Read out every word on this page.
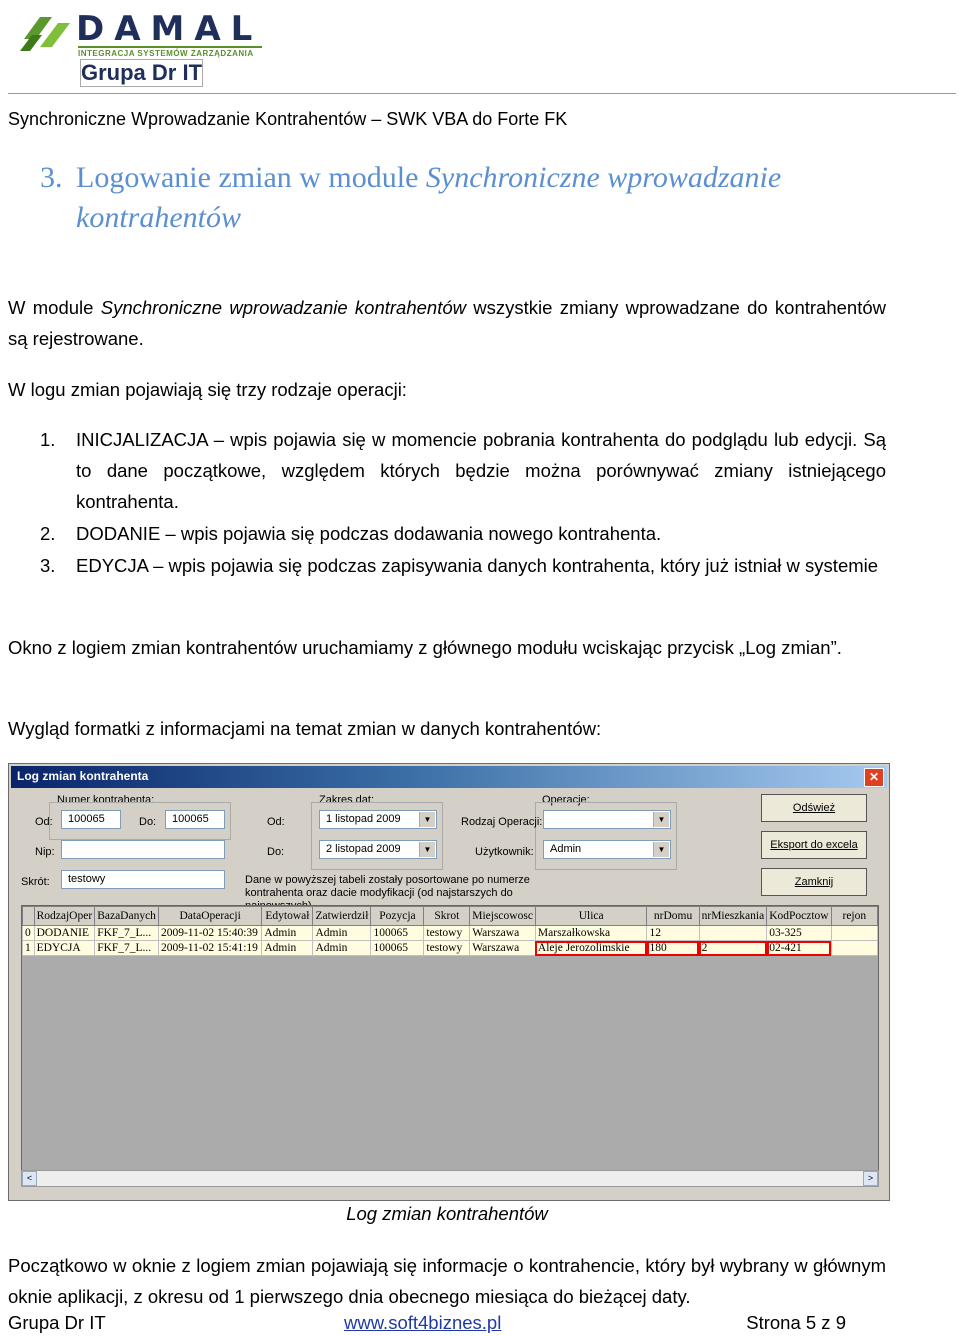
DAMAL
INTEGRACJA SYSTEMÓW ZARZĄDZANIA
Grupa Dr IT
Synchroniczne Wprowadzanie Kontrahentów – SWK VBA do Forte FK
3. Logowanie zmian w module Synchroniczne wprowadzanie
kontrahentów
W module Synchroniczne wprowadzanie kontrahentów wszystkie zmiany wprowadzane do kontrahentów są rejestrowane.
W logu zmian pojawiają się trzy rodzaje operacji:
1.	INICJALIZACJA – wpis pojawia się w momencie pobrania kontrahenta do podglądu lub edycji. Są to dane początkowe, względem których będzie można porównywać zmiany istniejącego kontrahenta.
2.	DODANIE – wpis pojawia się podczas dodawania nowego kontrahenta.
3.	EDYCJA – wpis pojawia się podczas zapisywania danych kontrahenta, który już istniał w systemie
Okno z logiem zmian kontrahentów uruchamiamy z głównego modułu wciskając przycisk „Log zmian”.
Wygląd formatki z informacjami na temat zmian w danych kontrahentów:
Log zmian kontrahenta	✕
Numer kontrahenta:
Od:	100065	Do:	100065
Nip:
Skrót:	testowy
Zakres dat:
Od:	1 listopad 2009	▼
Do:	2 listopad 2009	▼
Operacje:
Rodzaj Operacji:	▼
Użytkownik:	Admin	▼
Odśwież
Eksport do excela
Zamknij
Dane w powyższej tabeli zostały posortowane po numerze kontrahenta oraz dacie modyfikacji (od najstarszych do
	RodzajOper	BazaDanych	DataOperacji	Edytował	Zatwierdził	Pozycja	Skrot	Miejscowosc	Ulica	nrDomu	nrMieszkania	KodPocztow	rejon
0	DODANIE	FKF_7_L...	2009-11-02 15:40:39	Admin	Admin	100065	testowy	Warszawa	Marszałkowska	12		03-325	
1	EDYCJA	FKF_7_L...	2009-11-02 15:41:19	Admin	Admin	100065	testowy	Warszawa	Aleje Jerozolimskie	180	2	02-421	
<	>
Log zmian kontrahentów
Początkowo w oknie z logiem zmian pojawiają się informacje o kontrahencie, który był wybrany w głównym oknie aplikacji, z okresu od 1 pierwszego dnia obecnego miesiąca do bieżącej daty.
Grupa Dr IT	www.soft4biznes.pl	Strona 5 z 9
